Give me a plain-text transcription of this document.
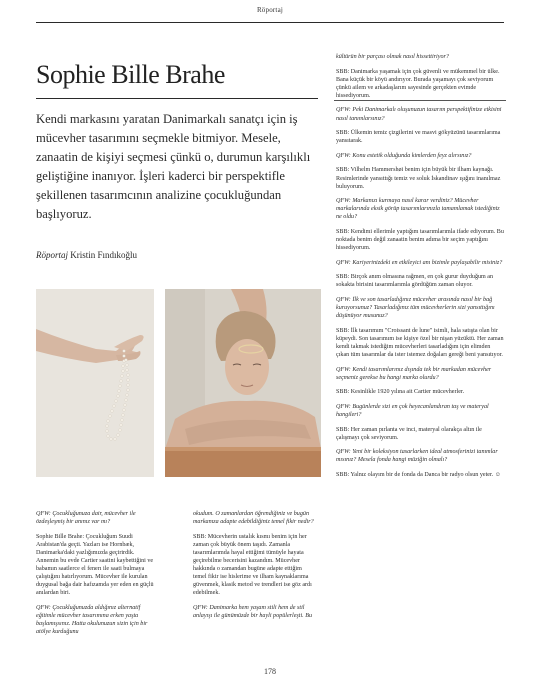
Röportaj
Sophie Bille Brahe
Kendi markasını yaratan Danimarkalı sanatçı için iş mücevher tasarımını seçmekle bitmiyor. Mesele, zanaatin de kişiyi seçmesi çünkü o, durumun karşılıklı geliştiğine inanıyor. İşleri kaderci bir perspektifle şekillenen tasarımcının analizine çocukluğundan başlıyoruz.
Röportaj Kristin Fındıkoğlu

QFW: Çocukluğunuza dair, mücevher ile özdeşleşmiş bir anınız var mı?

Sophie Bille Brahe: Çocukluğum Suudi Arabistan'da geçti. Yazları ise Hornbæk, Danimarka'daki yazlığımızda geçirirdik. Annemin bu evde Cartier saatini kaybettiğini ve babamın saatlerce el fenerı ile saati bulmaya çalıştığını hatırlıyorum. Mücevher ile kurulan duygusal bağa dair hafızamda yer eden en güçlü anılardan biri.

QFW: Çocukluğunuzda aldığınız alternatif eğitimle mücevher tasarımına erken yaşta başlamışsınız. Hatta okulunuzun sizin için bir atölye kurduğunu

okudum. O zamanlardan öğrendiğiniz ve bugün markanıza adapte edebildiğiniz temel fikir nedir?

SBB: Mücevherin ustalık kısmı benim için her zaman çok büyük önem taşıdı. Zamanla tasarımlarımda hayal ettiğimi tümüyle hayata geçirebilme becerisini kazandım. Mücevher hakkında o zamandan bugüne adapte ettiğim temel fikir ise hislerime ve ilham kaynaklarıma güvenmek, klasik metod ve trendleri ise göz ardı edebilmek.

QFW: Danimarka hem yaşam stili hem de stil anlayışı ile günümüzde bir hayli popülerleşti. Bu

kültürün bir parçası olmak nasıl hissettiriyor?

SBB: Danimarka yaşamak için çok güvenli ve mükemmel bir ülke. Bana küçük bir köyü andırıyor. Burada yaşamayı çok seviyorum çünkü ailem ve arkadaşlarım sayesinde gerçekten evimde hissediyorum.

QFW: Peki Danimarkalı oluşunuzun tasarım perspektifinize etkisini nasıl tanımlarsınız?

SBB: Ülkemin temiz çizgilerini ve masvi gökyüzünü tasarımlarıma yansıtarak.

QFW: Konu estetik olduğunda kimlerden feyz alırsınız?

SBB: Vilhelm Hammershøi benim için büyük bir ilham kaynağı. Resimlerinde yansıttığı temiz ve soluk İskandinav ışığını inanılmaz buluyorum.

QFW: Markanızı kurmaya nasıl karar verdiniz? Mücevher markalarında eksik görüp tasarımlarınızla tamamlamak istediğiniz ne oldu?

SBB: Kendimi ellerimle yaptığım tasarımlarımla ifade ediyorum. Bu noktada benim değil zanaatin benim adıma bir seçim yaptığını hissediyorum.

QFW: Kariyerinizdeki en etkileyici anı bizimle paylaşabilir misiniz?

SBB: Birçok anım olmasına rağmen, en çok gurur duyduğum an sokakta birisini tasarımlarımla gördüğüm zaman oluyor.

QFW: İlk ve son tasarladığınız mücevher arasında nasıl bir bağ kuruyorsunuz? Tasarladığınız tüm mücevherlerin sizi yansıttığını düşünüyor musunuz?

SBB: İlk tasarımım "Croissant de lune" isimli, hala satışta olan bir küpeydi. Son tasarımım ise kişiye özel bir nişan yüzüktü. Her zaman kendi takmak istediğim mücevherleri tasarladığım için elimden çıkan tüm tasarımlar da ister istemez doğaları gereği beni yansıtıyor.

QFW: Kendi tasarımlarınız dışında tek bir markadan mücevher seçmeniz gerekse bu hangi marka olurdu?

SBB: Kesinlikle 1920 yılına ait Cartier mücevherler.

QFW: Bugünlerde sizi en çok heyecanlandıran taş ve materyal hangileri?

SBB: Her zaman pırlanta ve inci, materyal olarakça altın ile çalışmayı çok seviyorum.

QFW: Yeni bir koleksiyon tasarlarken ideal atmosferinizi tanımlar mısınız? Mesela fonda hangi müziğin olmalı?

SBB: Yalnız olayım bir de fonda da Danca bir radyo olsun yeter. ☺

178
